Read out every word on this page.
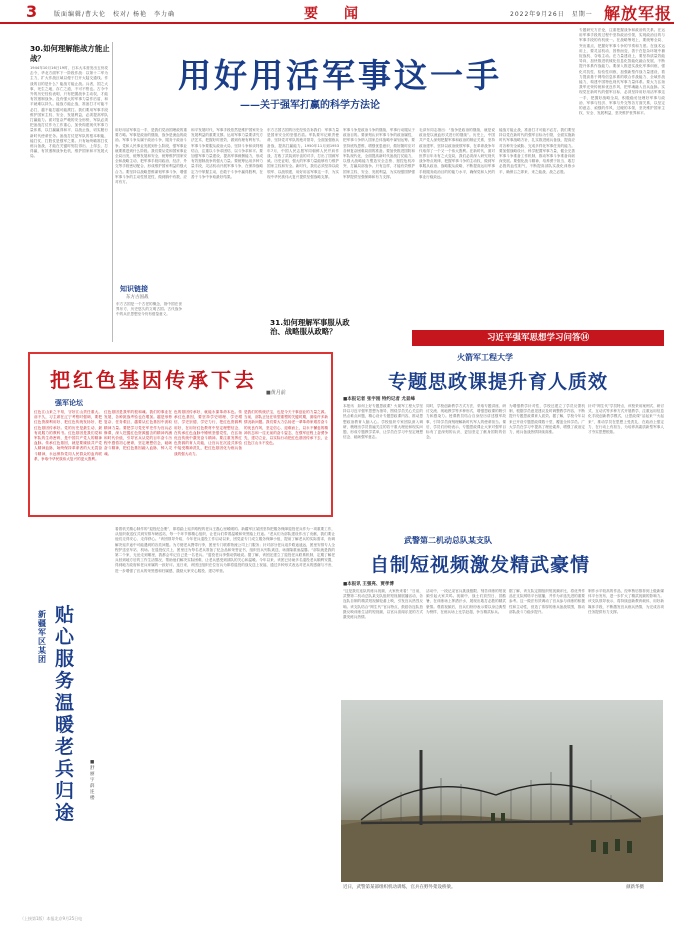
3	版面编辑/曹大伦　校对/ 杨艳　李力确	要　闻	2022年9月26日　星期一 解放军报
30.如何理解能战方能止战？
1944年10月16日19时，日本大本营发出五份攻击令，华北方面军下一阶段作战：以第十二军为主力，扩大作战区域以便于打开大陆交通线。作战的目的是什么？能战方能止战。兵者，国之大事，死生之地，存亡之道，不可不察也。古今中外的历史经验表明，只有把握战争主动权，才能有效遏制战争。没有强大的军事力量作后盾，和平就难以持久。能战方能止战，准备打才可能不必打，越不能打越可能挨打。我们要用军事手段维护国家主权、安全、发展利益，必须提高军队打赢能力。面对复杂严峻的安全形势，军队必须把备战打仗作为工作重心，加快构建现代军事力量体系，以打赢赢得和平、以战止战，切实履行新时代使命任务。备战打仗是军队的根本职能，能打仗、打胜仗是强军之要。只有始终瞄准打仗练兵备战，才能在关键时刻拉得出、上得去、打得赢，有效遏制战争危机，维护国家和平发展大局。
用好用活军事这一手
——关于强军打赢的科学方法论
用好用活军事这一手，是我们党治国理政的重要方略。军事是政治的继续，战争是流血的政治。军事斗争从属于政治斗争，服务于政治斗争。党和人民事业发展到什么阶段，强军事业就要推进到什么阶段。我们要从党和国家事业全局出发，统筹发展和安全，统筹维护国家安全和战略主动，把军事手段同政治、经济、外交等手段密切配合，形成维护国家利益的强大合力。要坚持以战略思维谋划军事斗争，增强军事斗争的主动性预见性，做到胸中有数、应对有方。
和平发展时代，军事手段依然是维护国家安全发展利益的重要支撑。运用军事力量要讲究方法艺术，把握好时度效，做到有理有利有节。军事斗争要服从政治大局，坚持斗争和谈判相结合，注重以斗争求团结、以斗争求和平。要加强军事力量建设，提高军事威慑能力，形成有效遏制战争的强大力量。要统筹运用多种力量手段，灵活机动开展军事斗争，在保持战略定力中掌握主动，在敢于斗争中赢得胜利，在善于斗争中争取最好结果。
东方古国古国的历史经验告诉我们：军事力量是国家安全的坚强后盾。军队要牢记职责使命，坚持党对军队的绝对领导，全面加强练兵备战，提高打赢能力。1950年11月到1953年7月，中国人民志愿军同朝鲜人民并肩作战，打败了武装到牙齿的对手，打出了国威军威。历史证明，强大的军事力量能够有力维护国家主权和安全。新时代，我们必须坚持以政领军、以战领建，用好用活军事这一手，为实现中华民族伟大复兴提供坚强战略支撑。
军事斗争是政治斗争的继续，军事行动服从于政治目的。要深刻认识军事斗争的政治属性，把军事斗争纳入国家总体战略中谋划运筹。要坚持底线思维，增强忧患意识，做好随时应对各种复杂困难局面的准备。要加快推进国防和军队现代化，全面提高新时代备战打仗能力，以强大战略能力塑造安全态势、遏控危机冲突、打赢局部战争。只有这样，才能有效维护国家主权、安全、发展利益，为实现强国梦强军梦提供坚强保障和有力支撑。
毛泽东同志指出：“战争是政治的继续，就是说政治是以流血形式进行的继续”。历史上，中国共产党人深刻把握军事和政治的辩证关系，坚持政治建军，坚持以政治统领军事，在革命战争年代取得了一个又一个伟大胜利。在新时代，面对世界百年未有之大变局，我们必须深入研究现代战争特点规律，把握军事斗争的主动权，做到军事服从政治、战略服从政略，不断提高运用军事手段服务政治目的的能力水平，确保党和人民的事业行稳致远。
能战方能止战，准备打才可能不必打。我们要坚持以党在新时代的强军目标为引领，全面实施新时代军事战略方针，扎实推进练兵备战，提高应对各种安全威胁、完成多样化军事任务的能力。要加强战略设计，科学配置军事力量，健全完善军事斗争准备工作机制，推动军事斗争准备向纵深发展。要强化战斗精神，培养勇于担当、敢打必胜的血性胆气，不断提高部队实战化训练水平，确保召之即来、来之能战、战之必胜。
专题研究方法论，注重把握战争和政治的关系。在运用军事手段的过程中坚持政治引领，实现政治目的与军事手段的有机统一。在战略筹划上，要统筹全局、突出重点，把握好军事斗争的节奏和力度。在战术运用上，要灵活机动、因势而变，善于在复杂环境中捕捉战机、夺取主动。在力量建设上，要坚持质量效能导向，加快推进机械化信息化智能化融合发展，不断提升体系作战能力。要深入推进实战化军事训练，强化对抗性、检验性训练，加强新型作战力量建设，着力提高基于网络信息体系的联合作战能力、全域作战能力，构建中国特色现代军事力量体系。要大力弘扬我军光荣传统和优良作风，把军魂融入官兵血脉。实现党在新时代的强军目标，必须坚持用好用活军事这一手，把握好战略全局，积极稳妥处理好军事与政治、军事与经济、军事与外交等各方面关系，以坚定的意志、顽强的作风、过硬的本领，坚决维护国家主权、安全、发展利益，坚决维护世界和平。
知识链接
东方古国战
东方古国是一个古老的概念，指中国在世界东方，历史悠久的文明古国。古代战争中的兵法思想至今仍有借鉴意义。
31.如何理解军事服从政治、战略服从政略？
习近平强军思想学习问答⑭
把红色基因传承下去
■黄月前
强军论坛
红色江山来之不易，守好江山责任重大。前不久，习主席在辽宁考察时强调，要把红色资源利用好、把红色传统发扬好、把红色基因传承好。党的历史是最生动、最有说服力的教科书。红色基因是我们党和军队的生命密码，是中国共产党人的精神血脉。传承红色基因，就是要赓续共产党人精神血脉，始终保持革命者的大无畏奋斗精神，永远保持党同人民群众的血肉联系，争取中华民族伟大复兴的更大胜利。
红色基因是我军的根和魂。我们的事业在发展，各种挑战考验也在增加。越是形势复杂、任务艰巨，越要从红色基因中汲取精神力量。要把学习党史军史作为官兵必修课，深入挖掘红色资源蕴含的精神内涵和时代价值，引导官兵从党的百年奋斗历程中感悟初心使命，坚定理想信念，砥砺奋斗精神，把红色基因融入血脉、铸入灵魂。
色的基因传承好，就能永葆革命本色。传承红色基因，要坚持学史明理、学史增信、学史崇德、学史力行，把红色资源利用好，在用好红色教材中坚定理想信念，在传承红色血脉中锤炼坚强党性，在弘扬优良传统中激发奋斗精神。要注重发挥红色资源的育人功能，让官兵在沉浸式体验中接受精神洗礼，把红色基因化为练兵备战的强大动力。
是我们的传统法宝，也是今天干事创业的力量之源。当前，部队正处在转型重塑的关键时期，面临许多新情况新问题。我们要大力弘扬老一辈革命家艰苦奋斗的优良作风，坚定信心、迎难而上，以永不懈怠的精神状态和一往无前的奋斗姿态，在强军征程上奋勇争先、建功立业，以实际行动把红色基因传承下去，让红色江山永不变色。
火箭军工程大学
专题思政课提升育人质效
■本报记者 张宇刚 特约记者 尤显峰
本报讯　如何上好专题思政课？火箭军工程大学坚持以习近平强军思想为指导，围绕学员关心关注的热点难点问题，精心设计专题思政课内容，推动思想政治教育入脑入心。学校组织专家团队深入调研，梳理出学员普遍关注的若干重大理论和现实问题，形成专题教学菜单，让学员在学习中坚定理想信念、砥砺强军意志。
同时，学校创新教学方式方法，采取专题讲座、研讨交流、现地教学等多种形式，增强思政课的吸引力和感染力。授课教员结合自身经历讲述强军故事，引导学员深刻理解新时代军人的使命担当。课后，学员们纷纷表示，专题思政课让大家对强军目标有了更深刻的认识，更加坚定了献身国防的信念。
为增强教学针对性，学校还建立了学员反馈机制，根据学员意见建议及时调整教学内容，不断提升专题思政课育人质效。据了解，学校今年以来已开设专题思政课数十堂，覆盖全体学员。广大学员在学习中提高了理论素养，增强了政治定力，练兵备战热情持续高涨。
针对“网生代”学员特点，该校采用案例式、研讨式、互动式等多种方式开展教学，注重运用信息化手段创新教学模式，让思政课“活起来”“火起来”，推动学员在思想上受洗礼、在政治上强定力、在行动上有担当，为培养高素质新型军事人才夯实思想根基。
武警第二机动总队某支队
自制短视频激发精武豪情
■本报讯 王强亮、贾孝博
“这是我们连队的练兵视频，大家快来看！”日前，武警第二机动总队某支队组织短视频展播活动，各连队自制的精武短视频轮番上映，引发官兵热烈反响。该支队结合“网生代”官兵特点，鼓励各连队拍摄反映训练生活的短视频，以官兵喜闻乐见的方式激发练兵热情。
活动中，一段记录官兵挑战极限、刻苦训练的短视频引起大家共鸣。视频中，战士们顶烈日、冒酷暑，在训练场上挥洒汗水，展现出敢打必胜的精武豪情。观看视频后，官兵们纷纷表示要以身边典型为榜样，在练兵场上比学赶超，争当精武标兵。
据了解，该支队定期组织短视频评比，将优秀作品在支队网络平台展播，并作为评选先进的重要参考。这一做法有效调动了官兵参与训练的积极性和主动性，营造了浓厚的练兵备战氛围，推动部队战斗力稳步提升。
制作水平较高的作品，经审核后推荐到上级新媒体平台发布，进一步扩大了精武视频的影响力。该支队领导表示，将持续创新教育载体，用好新媒体手段，不断激发官兵练兵热情，为完成各项任务提供有力支撑。
近日，武警第某部组织机动训练，官兵在野外架设桥梁。	颜新华摄
新疆军区某团
贴心服务温暖老兵归途
■舒丽宇　薛连楼
看着机关精心制作的“退役纪念册”，即将踏上返乡路程的老兵王磊心里暖暖的。新疆军区某团坚持把服务保障退役老兵作为一项重要工作，从组织欢送仪式到安排车辆送站，每一个环节都精心组织，让老兵们带着温暖和荣誉踏上归途。“老兵们为部队建设作出了贡献，我们要让他们走得安心、走得舒心。”该团领导介绍，今年老兵退役工作启动以来，团党委专门成立服务保障小组，提前了解老兵的实际需求，协调解决返乡途中可能遇到的各类问题。为方便老兵携带行李，团里专门联系物流公司上门服务；针对部分老兵返乡路途遥远，团里安排专人全程护送至车站、机场。在退役仪式上，团里还为每名老兵准备了纪念品和荣誉证书，组织官兵列队欢送，场面隆重而温馨。“部队就是我的第二个家，无论走到哪里，我都会牢记自己是一名老兵。”退役老兵李强动情地说。据了解，该团还建立了退役老兵联系机制，定期了解老兵回到地方后的工作生活情况，帮助他们解决实际困难，让老兵感受到部队的关心和温暖。今年以来，该团已协助多名退役老兵顺利安置，得到地方政府和老兵家属的一致好评。连日来，该团还组织在位官兵为即将退役的战友送上祝福，通过多种形式表达对老兵的感谢与不舍，进一步增强了官兵的荣誉感和归属感，激励大家安心服役、建功军营。
（上接第1版）本报北京9月25日电
